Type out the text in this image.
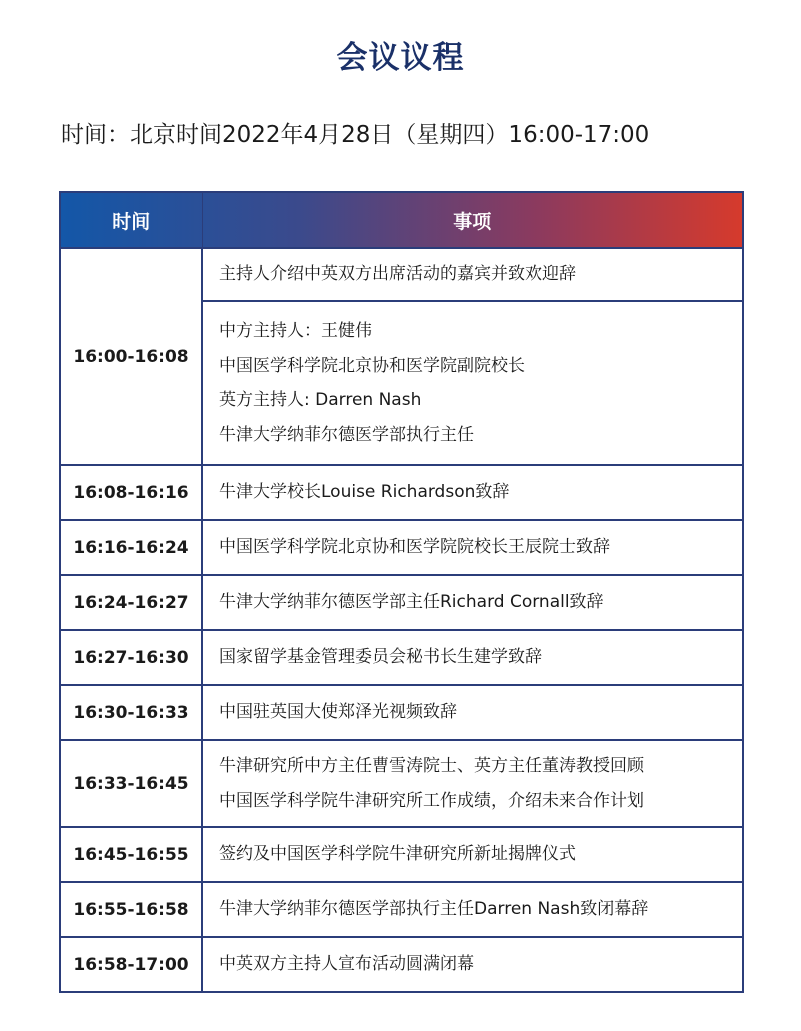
会议议程
时间：北京时间2022年4月28日（星期四）16:00-17:00
时间	事项
16:00-16:08	主持人介绍中英双方出席活动的嘉宾并致欢迎辞

	中方主持人：王健伟
中国医学科学院北京协和医学院副院校长
英方主持人: Darren Nash
牛津大学纳菲尔德医学部执行主任

16:08-16:16	牛津大学校长Louise Richardson致辞

16:16-16:24	中国医学科学院北京协和医学院院校长王辰院士致辞

16:24-16:27	牛津大学纳菲尔德医学部主任Richard Cornall致辞

16:27-16:30	国家留学基金管理委员会秘书长生建学致辞

16:30-16:33	中国驻英国大使郑泽光视频致辞

16:33-16:45	牛津研究所中方主任曹雪涛院士、英方主任董涛教授回顾
中国医学科学院牛津研究所工作成绩，介绍未来合作计划

16:45-16:55	签约及中国医学科学院牛津研究所新址揭牌仪式

16:55-16:58	牛津大学纳菲尔德医学部执行主任Darren Nash致闭幕辞

16:58-17:00	中英双方主持人宣布活动圆满闭幕
